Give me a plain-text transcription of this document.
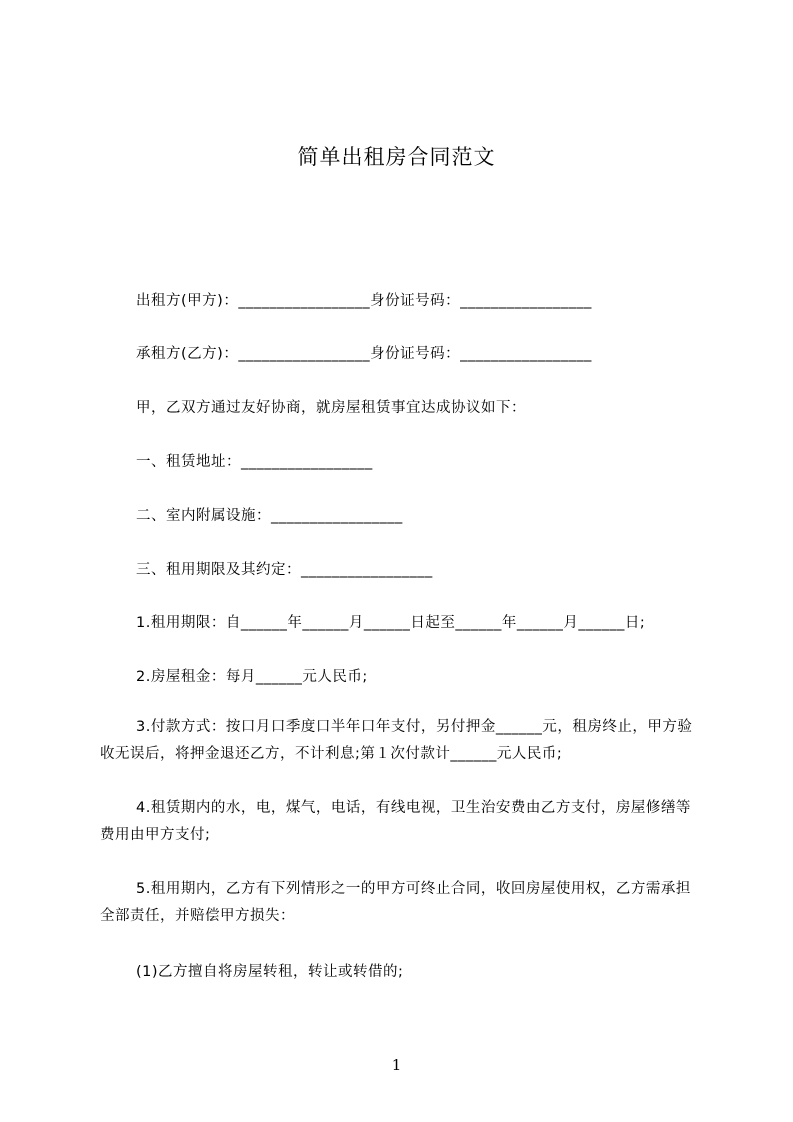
简单出租房合同范文
出租方(甲方)：_________________身份证号码：_________________
承租方(乙方)：_________________身份证号码：_________________
甲，乙双方通过友好协商，就房屋租赁事宜达成协议如下：
一、租赁地址：_________________
二、室内附属设施：_________________
三、租用期限及其约定：_________________
1.租用期限：自______年______月______日起至______年______月______日;
2.房屋租金：每月______元人民币;
3.付款方式：按口月口季度口半年口年支付，另付押金______元，租房终止，甲方验收无误后，将押金退还乙方，不计利息;第１次付款计______元人民币;
4.租赁期内的水，电，煤气，电话，有线电视，卫生治安费由乙方支付，房屋修缮等费用由甲方支付;
5.租用期内，乙方有下列情形之一的甲方可终止合同，收回房屋使用权，乙方需承担全部责任，并赔偿甲方损失：
(1)乙方擅自将房屋转租，转让或转借的;
1
